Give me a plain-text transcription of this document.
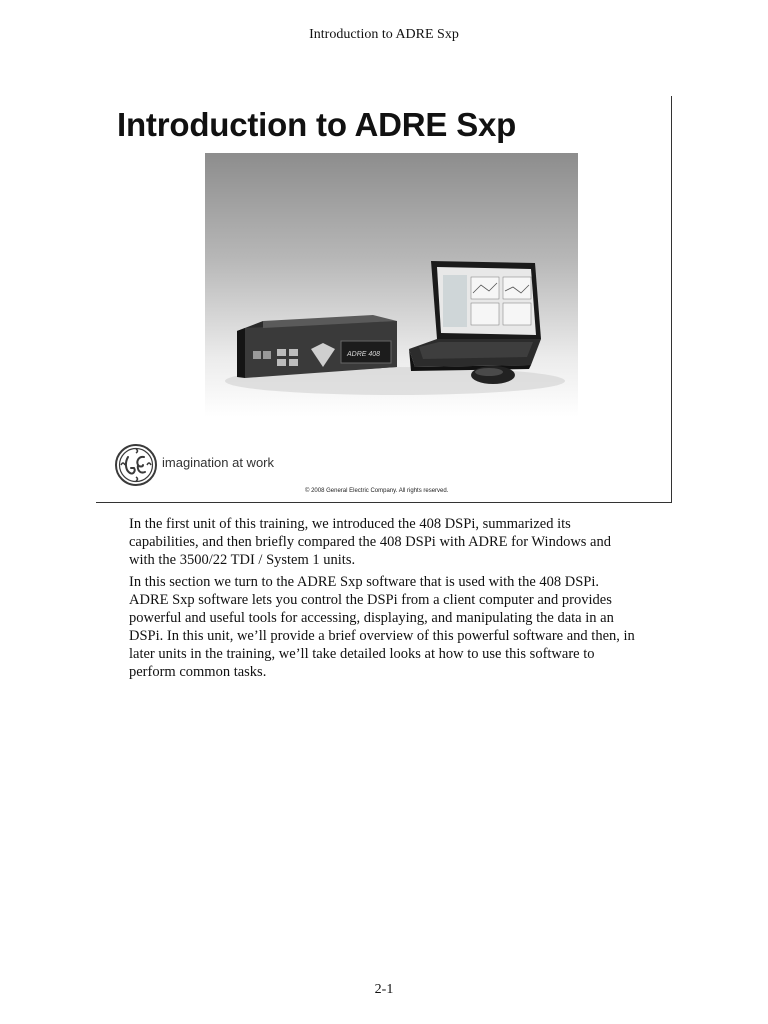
Introduction to ADRE Sxp
Introduction to ADRE Sxp
ADRE 408
imagination at work
© 2008 General Electric Company. All rights reserved.

In the first unit of this training, we introduced the 408 DSPi, summarized its capabilities, and then briefly compared the 408 DSPi with ADRE for Windows and with the 3500/22 TDI / System 1 units.

In this section we turn to the ADRE Sxp software that is used with the 408 DSPi. ADRE Sxp software lets you control the DSPi from a client computer and provides powerful and useful tools for accessing, displaying, and manipulating the data in an DSPi. In this unit, we’ll provide a brief overview of this powerful software and then, in later units in the training, we’ll take detailed looks at how to use this software to perform common tasks.

2-1
